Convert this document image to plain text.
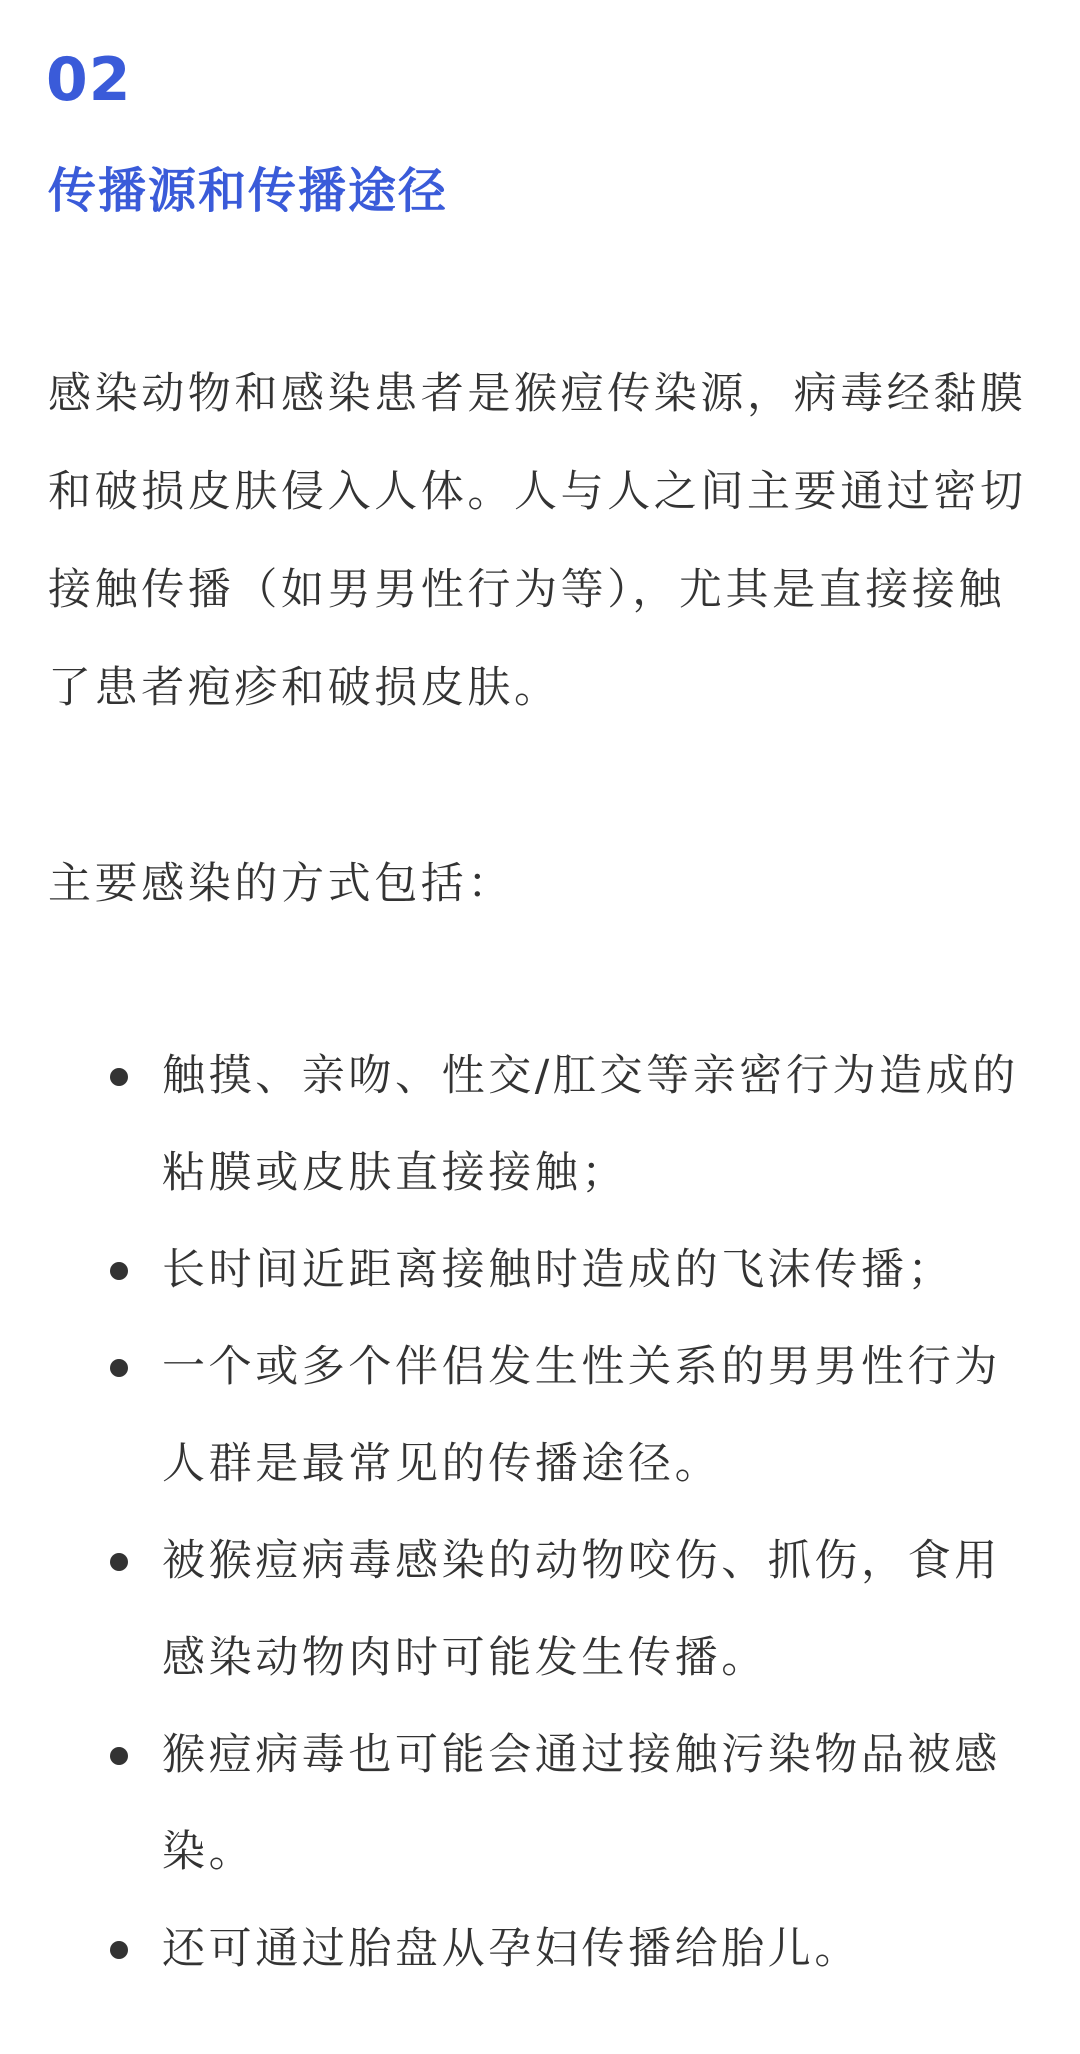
02
传播源和传播途径

感染动物和感染患者是猴痘传染源，病毒经黏膜和破损皮肤侵入人体。人与人之间主要通过密切接触传播（如男男性行为等），尤其是直接接触了患者疱疹和破损皮肤。

主要感染的方式包括：

触摸、亲吻、性交/肛交等亲密行为造成的粘膜或皮肤直接接触；
长时间近距离接触时造成的飞沫传播；
一个或多个伴侣发生性关系的男男性行为人群是最常见的传播途径。
被猴痘病毒感染的动物咬伤、抓伤，食用感染动物肉时可能发生传播。
猴痘病毒也可能会通过接触污染物品被感染。
还可通过胎盘从孕妇传播给胎儿。
